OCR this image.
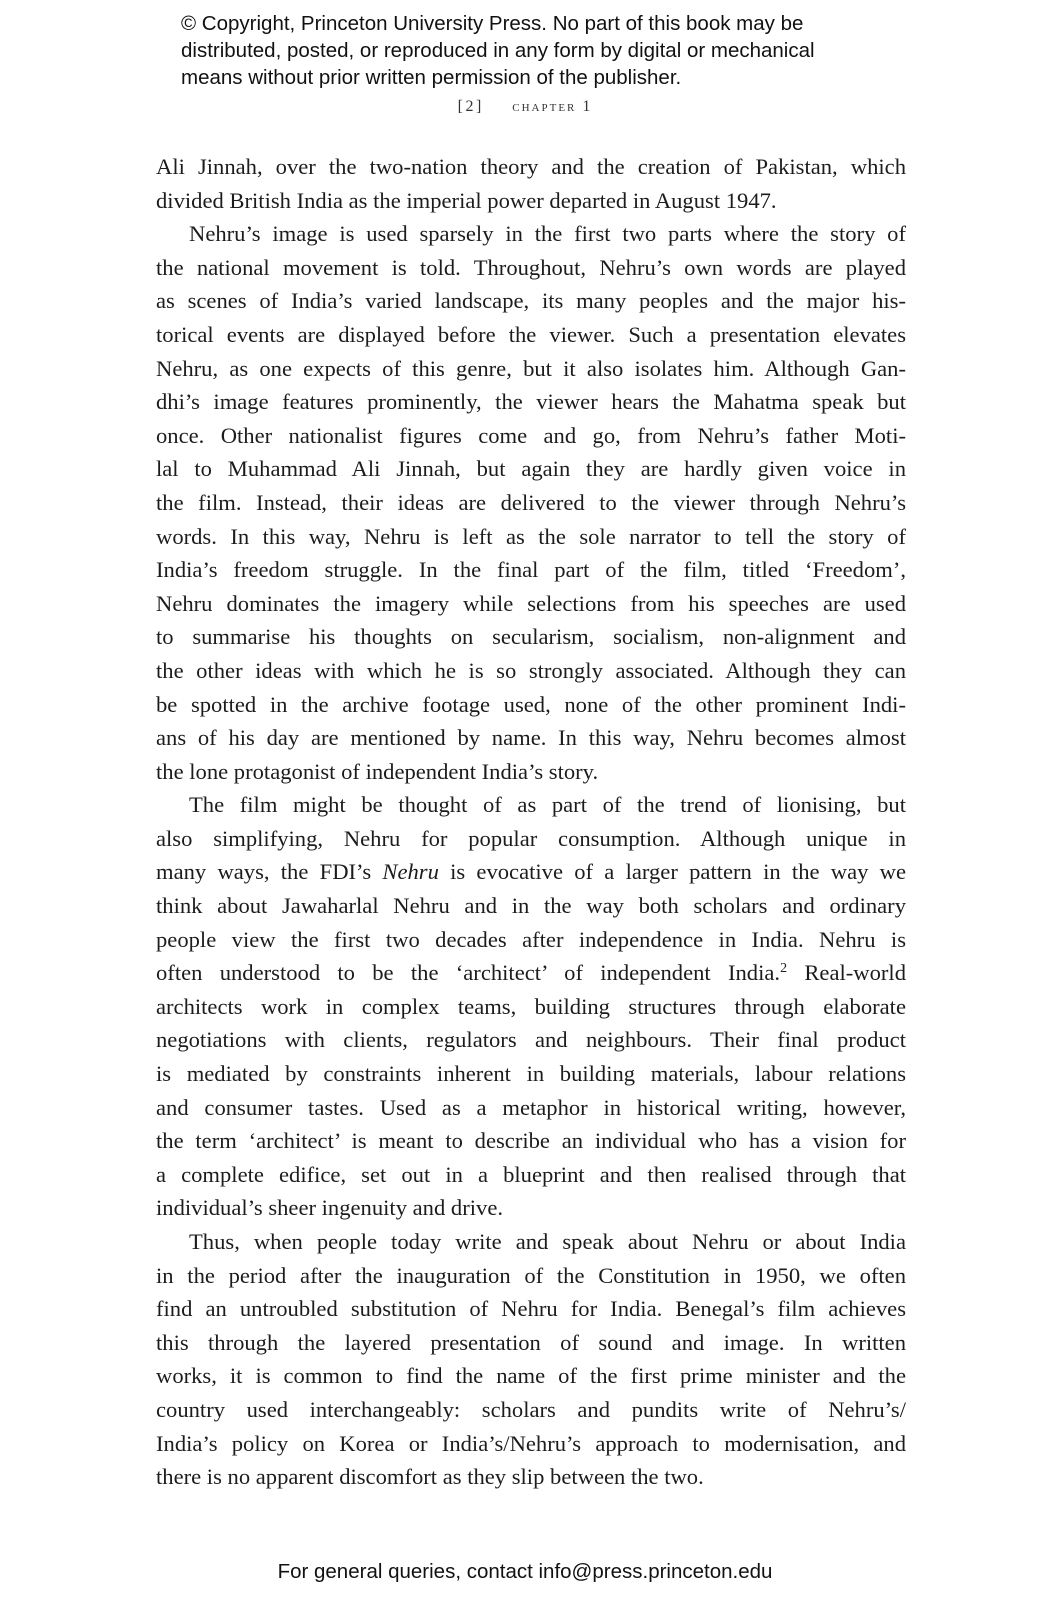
© Copyright, Princeton University Press. No part of this book may be
distributed, posted, or reproduced in any form by digital or mechanical
means without prior written permission of the publisher.
[2] chapter 1
Ali Jinnah, over the two-nation theory and the creation of Pakistan, which
divided British India as the imperial power departed in August 1947.
Nehru’s image is used sparsely in the first two parts where the story of
the national movement is told. Throughout, Nehru’s own words are played
as scenes of India’s varied landscape, its many peoples and the major his-
torical events are displayed before the viewer. Such a presentation elevates
Nehru, as one expects of this genre, but it also isolates him. Although Gan-
dhi’s image features prominently, the viewer hears the Mahatma speak but
once. Other nationalist figures come and go, from Nehru’s father Moti-
lal to Muhammad Ali Jinnah, but again they are hardly given voice in
the film. Instead, their ideas are delivered to the viewer through Nehru’s
words. In this way, Nehru is left as the sole narrator to tell the story of
India’s freedom struggle. In the final part of the film, titled ‘Freedom’,
Nehru dominates the imagery while selections from his speeches are used
to summarise his thoughts on secularism, socialism, non-alignment and
the other ideas with which he is so strongly associated. Although they can
be spotted in the archive footage used, none of the other prominent Indi-
ans of his day are mentioned by name. In this way, Nehru becomes almost
the lone protagonist of independent India’s story.
The film might be thought of as part of the trend of lionising, but
also simplifying, Nehru for popular consumption. Although unique in
many ways, the FDI’s Nehru is evocative of a larger pattern in the way we
think about Jawaharlal Nehru and in the way both scholars and ordinary
people view the first two decades after independence in India. Nehru is
often understood to be the ‘architect’ of independent India.$^2$ Real-world
architects work in complex teams, building structures through elaborate
negotiations with clients, regulators and neighbours. Their final product
is mediated by constraints inherent in building materials, labour relations
and consumer tastes. Used as a metaphor in historical writing, however,
the term ‘architect’ is meant to describe an individual who has a vision for
a complete edifice, set out in a blueprint and then realised through that
individual’s sheer ingenuity and drive.
Thus, when people today write and speak about Nehru or about India
in the period after the inauguration of the Constitution in 1950, we often
find an untroubled substitution of Nehru for India. Benegal’s film achieves
this through the layered presentation of sound and image. In written
works, it is common to find the name of the first prime minister and the
country used interchangeably: scholars and pundits write of Nehru’s/
India’s policy on Korea or India’s/Nehru’s approach to modernisation, and
there is no apparent discomfort as they slip between the two.
For general queries, contact info@press.princeton.edu
